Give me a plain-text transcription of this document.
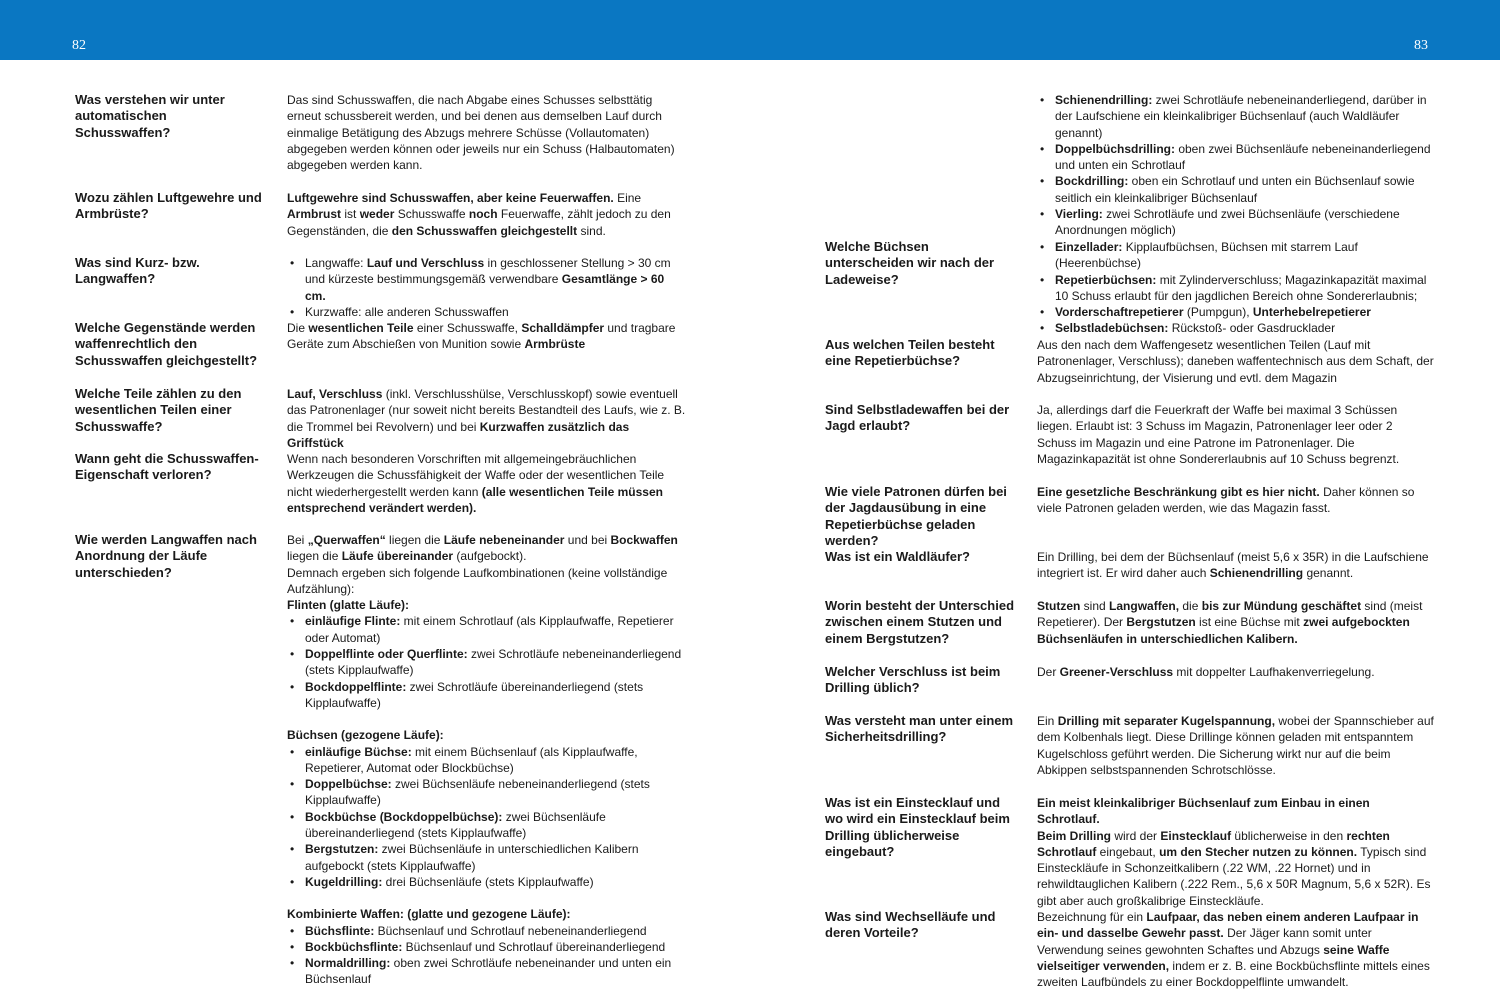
82	83
Was verstehen wir unter automatischen Schusswaffen?

Das sind Schusswaffen, die nach Abgabe eines Schusses selbsttätig erneut schussbereit werden, und bei denen aus demselben Lauf durch einmalige Betätigung des Abzugs mehrere Schüsse (Vollautomaten) abgegeben werden können oder jeweils nur ein Schuss (Halbautomaten) abgegeben werden kann.

Wozu zählen Luftgewehre und Armbrüste?

Luftgewehre sind Schusswaffen, aber keine Feuerwaffen. Eine Armbrust ist weder Schusswaffe noch Feuerwaffe, zählt jedoch zu den Gegenständen, die den Schusswaffen gleichgestellt sind.

Was sind Kurz- bzw. Langwaffen?
• Langwaffe: Lauf und Verschluss in geschlossener Stellung > 30 cm und kürzeste bestimmungsgemäß verwendbare Gesamtlänge > 60 cm.
• Kurzwaffe: alle anderen Schusswaffen
Welche Gegenstände werden waffenrechtlich den Schusswaffen gleichgestellt?

Die wesentlichen Teile einer Schusswaffe, Schalldämpfer und tragbare Geräte zum Abschießen von Munition sowie Armbrüste

Welche Teile zählen zu den wesentlichen Teilen einer Schusswaffe?

Lauf, Verschluss (inkl. Verschlusshülse, Verschlusskopf) sowie eventuell das Patronenlager (nur soweit nicht bereits Bestandteil des Laufs, wie z. B. die Trommel bei Revolvern) und bei Kurzwaffen zusätzlich das Griffstück

Wann geht die Schusswaffen-Eigenschaft verloren?

Wenn nach besonderen Vorschriften mit allgemeingebräuchlichen Werkzeugen die Schussfähigkeit der Waffe oder der wesentlichen Teile nicht wiederhergestellt werden kann (alle wesentlichen Teile müssen entsprechend verändert werden).

Wie werden Langwaffen nach Anordnung der Läufe unterschieden?

Bei „Querwaffen“ liegen die Läufe nebeneinander und bei Bockwaffen liegen die Läufe übereinander (aufgebockt).

Demnach ergeben sich folgende Laufkombinationen (keine vollständige Aufzählung):

Flinten (glatte Läufe):

• einläufige Flinte: mit einem Schrotlauf (als Kipplaufwaffe, Repetierer oder Automat)
• Doppelflinte oder Querflinte: zwei Schrotläufe nebeneinanderliegend (stets Kipplaufwaffe)
• Bockdoppelflinte: zwei Schrotläufe übereinanderliegend (stets Kipplaufwaffe)

Büchsen (gezogene Läufe):

• einläufige Büchse: mit einem Büchsenlauf (als Kipplaufwaffe, Repetierer, Automat oder Blockbüchse)
• Doppelbüchse: zwei Büchsenläufe nebeneinanderliegend (stets Kipplaufwaffe)
• Bockbüchse (Bockdoppelbüchse): zwei Büchsenläufe übereinanderliegend (stets Kipplaufwaffe)
• Bergstutzen: zwei Büchsenläufe in unterschiedlichen Kalibern aufgebockt (stets Kipplaufwaffe)
• Kugeldrilling: drei Büchsenläufe (stets Kipplaufwaffe)

Kombinierte Waffen: (glatte und gezogene Läufe):

• Büchsflinte: Büchsenlauf und Schrotlauf nebeneinanderliegend
• Bockbüchsflinte: Büchsenlauf und Schrotlauf übereinanderliegend
• Normaldrilling: oben zwei Schrotläufe nebeneinander und unten ein Büchsenlauf
• Schienendrilling: zwei Schrotläufe nebeneinanderliegend, darüber in der Laufschiene ein kleinkalibriger Büchsenlauf (auch Waldläufer genannt)
• Doppelbüchsdrilling: oben zwei Büchsenläufe nebeneinanderliegend und unten ein Schrotlauf
• Bockdrilling: oben ein Schrotlauf und unten ein Büchsenlauf sowie seitlich ein kleinkalibriger Büchsenlauf
• Vierling: zwei Schrotläufe und zwei Büchsenläufe (verschiedene Anordnungen möglich)
Welche Büchsen unterscheiden wir nach der Ladeweise?
• Einzellader: Kipplaufbüchsen, Büchsen mit starrem Lauf (Heerenbüchse)
• Repetierbüchsen: mit Zylinderverschluss; Magazinkapazität maximal 10 Schuss erlaubt für den jagdlichen Bereich ohne Sondererlaubnis;
• Vorderschaftrepetierer (Pumpgun), Unterhebelrepetierer
• Selbstladebüchsen: Rückstoß- oder Gasdrucklader
Aus welchen Teilen besteht eine Repetierbüchse?

Aus den nach dem Waffengesetz wesentlichen Teilen (Lauf mit Patronenlager, Verschluss); daneben waffentechnisch aus dem Schaft, der Abzugseinrichtung, der Visierung und evtl. dem Magazin

Sind Selbstladewaffen bei der Jagd erlaubt?

Ja, allerdings darf die Feuerkraft der Waffe bei maximal 3 Schüssen liegen. Erlaubt ist: 3 Schuss im Magazin, Patronenlager leer oder 2 Schuss im Magazin und eine Patrone im Patronenlager. Die Magazinkapazität ist ohne Sondererlaubnis auf 10 Schuss begrenzt.

Wie viele Patronen dürfen bei der Jagdausübung in eine Repetierbüchse geladen werden?

Eine gesetzliche Beschränkung gibt es hier nicht. Daher können so viele Patronen geladen werden, wie das Magazin fasst.

Was ist ein Waldläufer?	Ein Drilling, bei dem der Büchsenlauf (meist 5,6 x 35R) in die Laufschiene integriert ist. Er wird daher auch Schienendrilling genannt.

Worin besteht der Unterschied zwischen einem Stutzen und einem Bergstutzen?

Stutzen sind Langwaffen, die bis zur Mündung geschäftet sind (meist Repetierer). Der Bergstutzen ist eine Büchse mit zwei aufgebockten Büchsenläufen in unterschiedlichen Kalibern.

Welcher Verschluss ist beim Drilling üblich?

Der Greener-Verschluss mit doppelter Laufhakenverriegelung.

Was versteht man unter einem Sicherheitsdrilling?

Ein Drilling mit separater Kugelspannung, wobei der Spannschieber auf dem Kolbenhals liegt. Diese Drillinge können geladen mit entspanntem Kugelschloss geführt werden. Die Sicherung wirkt nur auf die beim Abkippen selbstspannenden Schrotschlösse.

Was ist ein Einstecklauf und wo wird ein Einstecklauf beim Drilling üblicherweise eingebaut?

Ein meist kleinkalibriger Büchsenlauf zum Einbau in einen Schrotlauf.

Beim Drilling wird der Einstecklauf üblicherweise in den rechten Schrotlauf eingebaut, um den Stecher nutzen zu können. Typisch sind Einsteckläufe in Schonzeitkalibern (.22 WM, .22 Hornet) und in rehwildtauglichen Kalibern (.222 Rem., 5,6 x 50R Magnum, 5,6 x 52R). Es gibt aber auch großkalibrige Einsteckläufe.

Was sind Wechselläufe und deren Vorteile?

Bezeichnung für ein Laufpaar, das neben einem anderen Laufpaar in ein- und dasselbe Gewehr passt. Der Jäger kann somit unter Verwendung seines gewohnten Schaftes und Abzugs seine Waffe vielseitiger verwenden, indem er z. B. eine Bockbüchsflinte mittels eines zweiten Laufbündels zu einer Bockdoppelflinte umwandelt.
